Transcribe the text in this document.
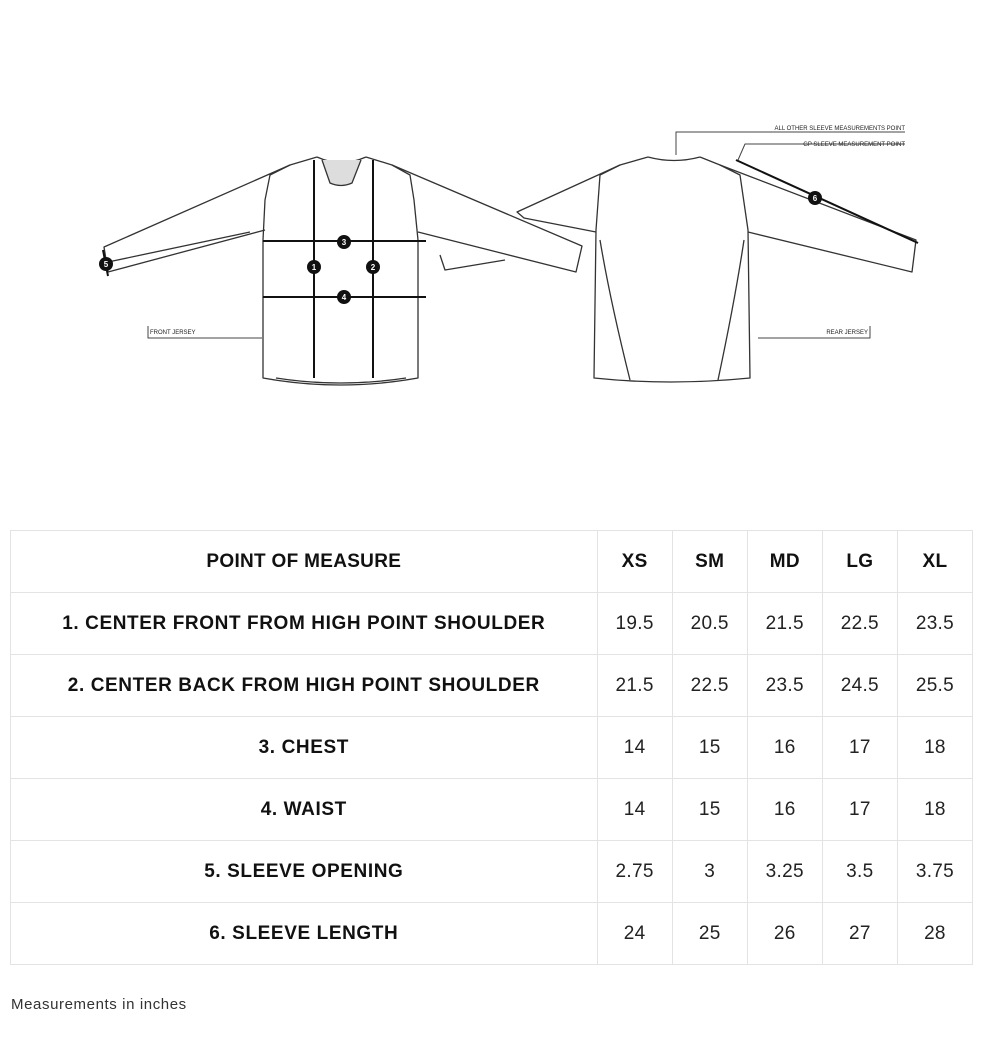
FRONT JERSEY	REAR JERSEY
ALL OTHER SLEEVE MEASUREMENTS POINT
GP SLEEVE MEASUREMENT POINT
1	2
3
4
5
6
POINT OF MEASURE	XS	SM	MD	LG	XL
1. CENTER FRONT FROM HIGH POINT SHOULDER	19.5	20.5	21.5	22.5	23.5
2. CENTER BACK FROM HIGH POINT SHOULDER	21.5	22.5	23.5	24.5	25.5
3. CHEST	14	15	16	17	18
4. WAIST	14	15	16	17	18
5. SLEEVE OPENING	2.75	3	3.25	3.5	3.75
6. SLEEVE LENGTH	24	25	26	27	28
Measurements in inches
